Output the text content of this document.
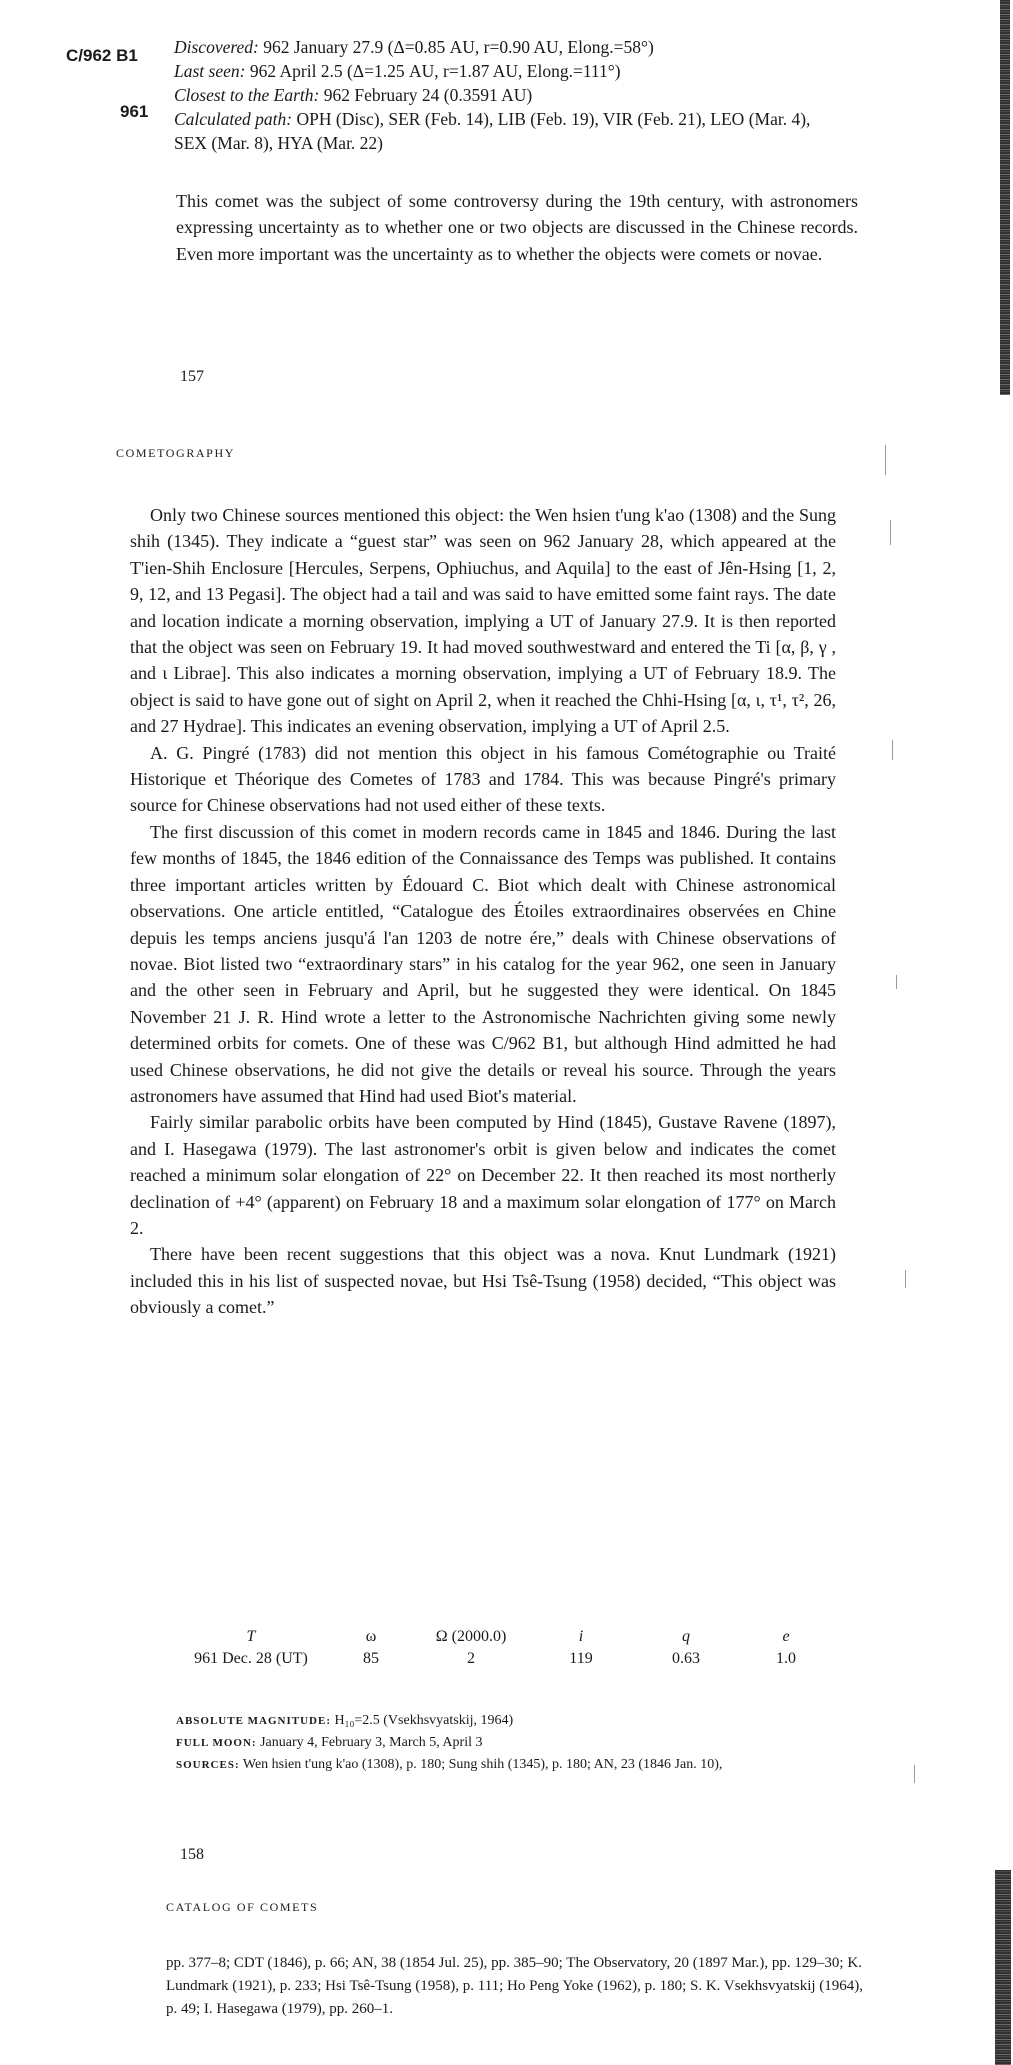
C/962 B1
961
Discovered: 962 January 27.9 (Δ=0.85 AU, r=0.90 AU, Elong.=58°)
Last seen: 962 April 2.5 (Δ=1.25 AU, r=1.87 AU, Elong.=111°)
Closest to the Earth: 962 February 24 (0.3591 AU)
Calculated path: OPH (Disc), SER (Feb. 14), LIB (Feb. 19), VIR (Feb. 21), LEO (Mar. 4), SEX (Mar. 8), HYA (Mar. 22)

This comet was the subject of some controversy during the 19th century, with astronomers expressing uncertainty as to whether one or two objects are discussed in the Chinese records. Even more important was the uncertainty as to whether the objects were comets or novae.

157
COMETOGRAPHY

Only two Chinese sources mentioned this object: the Wen hsien t'ung k'ao (1308) and the Sung shih (1345). They indicate a “guest star” was seen on 962 January 28, which appeared at the T'ien-Shih Enclosure [Hercules, Serpens, Ophiuchus, and Aquila] to the east of Jên-Hsing [1, 2, 9, 12, and 13 Pegasi]. The object had a tail and was said to have emitted some faint rays. The date and location indicate a morning observation, implying a UT of January 27.9. It is then reported that the object was seen on February 19. It had moved southwestward and entered the Ti [α, β, γ , and ι Librae]. This also indicates a morning observation, implying a UT of February 18.9. The object is said to have gone out of sight on April 2, when it reached the Chhi-Hsing [α, ι, τ¹, τ², 26, and 27 Hydrae]. This indicates an evening observation, implying a UT of April 2.5.

A. G. Pingré (1783) did not mention this object in his famous Cométographie ou Traité Historique et Théorique des Cometes of 1783 and 1784. This was because Pingré's primary source for Chinese observations had not used either of these texts.

The first discussion of this comet in modern records came in 1845 and 1846. During the last few months of 1845, the 1846 edition of the Connaissance des Temps was published. It contains three important articles written by Édouard C. Biot which dealt with Chinese astronomical observations. One article entitled, “Catalogue des Étoiles extraordinaires observées en Chine depuis les temps anciens jusqu'á l'an 1203 de notre ére,” deals with Chinese observations of novae. Biot listed two “extraordinary stars” in his catalog for the year 962, one seen in January and the other seen in February and April, but he suggested they were identical. On 1845 November 21 J. R. Hind wrote a letter to the Astronomische Nachrichten giving some newly determined orbits for comets. One of these was C/962 B1, but although Hind admitted he had used Chinese observations, he did not give the details or reveal his source. Through the years astronomers have assumed that Hind had used Biot's material.

Fairly similar parabolic orbits have been computed by Hind (1845), Gustave Ravene (1897), and I. Hasegawa (1979). The last astronomer's orbit is given below and indicates the comet reached a minimum solar elongation of 22° on December 22. It then reached its most northerly declination of +4° (apparent) on February 18 and a maximum solar elongation of 177° on March 2.

There have been recent suggestions that this object was a nova. Knut Lundmark (1921) included this in his list of suspected novae, but Hsi Tsê-Tsung (1958) decided, “This object was obviously a comet.”

T	ω	Ω (2000.0)	i	q	e
961 Dec. 28 (UT)	85	2	119	0.63	1.0
ABSOLUTE MAGNITUDE: H₁₀=2.5 (Vsekhsvyatskij, 1964)
FULL MOON: January 4, February 3, March 5, April 3
SOURCES: Wen hsien t'ung k'ao (1308), p. 180; Sung shih (1345), p. 180; AN, 23 (1846 Jan. 10),
158
CATALOG OF COMETS
pp. 377–8; CDT (1846), p. 66; AN, 38 (1854 Jul. 25), pp. 385–90; The Observatory, 20 (1897 Mar.), pp. 129–30; K. Lundmark (1921), p. 233; Hsi Tsê-Tsung (1958), p. 111; Ho Peng Yoke (1962), p. 180; S. K. Vsekhsvyatskij (1964), p. 49; I. Hasegawa (1979), pp. 260–1.
